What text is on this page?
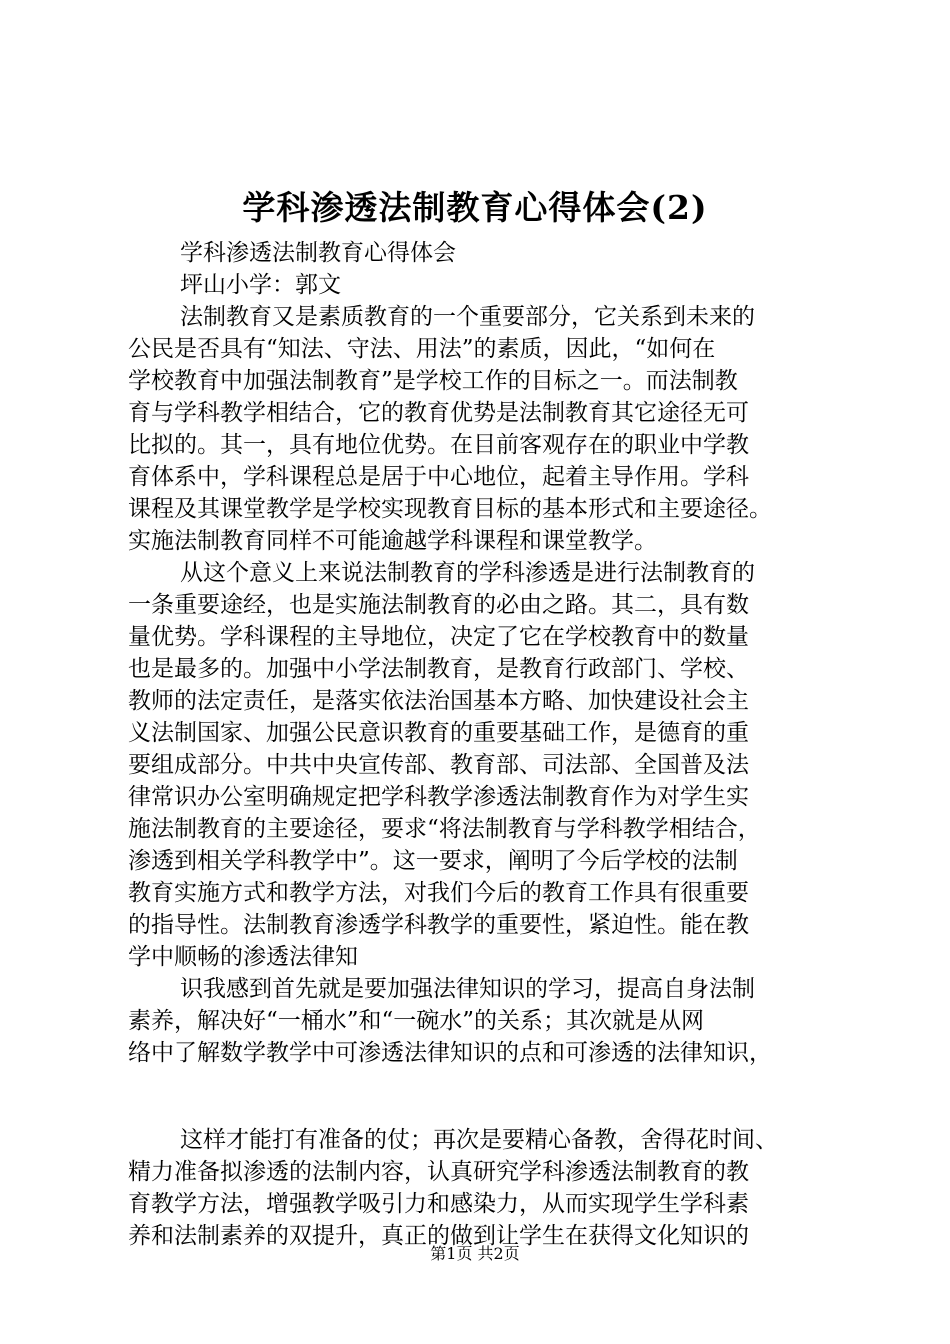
学科渗透法制教育心得体会(2)
学科渗透法制教育心得体会
坪山小学：郭文
法制教育又是素质教育的一个重要部分，它关系到未来的
公民是否具有“知法、守法、用法”的素质，因此，“如何在
学校教育中加强法制教育”是学校工作的目标之一。而法制教
育与学科教学相结合，它的教育优势是法制教育其它途径无可
比拟的。其一，具有地位优势。在目前客观存在的职业中学教
育体系中，学科课程总是居于中心地位，起着主导作用。学科
课程及其课堂教学是学校实现教育目标的基本形式和主要途径。
实施法制教育同样不可能逾越学科课程和课堂教学。
从这个意义上来说法制教育的学科渗透是进行法制教育的
一条重要途经，也是实施法制教育的必由之路。其二，具有数
量优势。学科课程的主导地位，决定了它在学校教育中的数量
也是最多的。加强中小学法制教育，是教育行政部门、学校、
教师的法定责任，是落实依法治国基本方略、加快建设社会主
义法制国家、加强公民意识教育的重要基础工作，是德育的重
要组成部分。中共中央宣传部、教育部、司法部、全国普及法
律常识办公室明确规定把学科教学渗透法制教育作为对学生实
施法制教育的主要途径，要求“将法制教育与学科教学相结合，
渗透到相关学科教学中”。这一要求，阐明了今后学校的法制
教育实施方式和教学方法，对我们今后的教育工作具有很重要
的指导性。法制教育渗透学科教学的重要性，紧迫性。能在教
学中顺畅的渗透法律知
识我感到首先就是要加强法律知识的学习，提高自身法制
素养，解决好“一桶水”和“一碗水”的关系；其次就是从网
络中了解数学教学中可渗透法律知识的点和可渗透的法律知识，
这样才能打有准备的仗；再次是要精心备教，舍得花时间、
精力准备拟渗透的法制内容，认真研究学科渗透法制教育的教
育教学方法，增强教学吸引力和感染力，从而实现学生学科素
养和法制素养的双提升，真正的做到让学生在获得文化知识的
第1页 共2页
